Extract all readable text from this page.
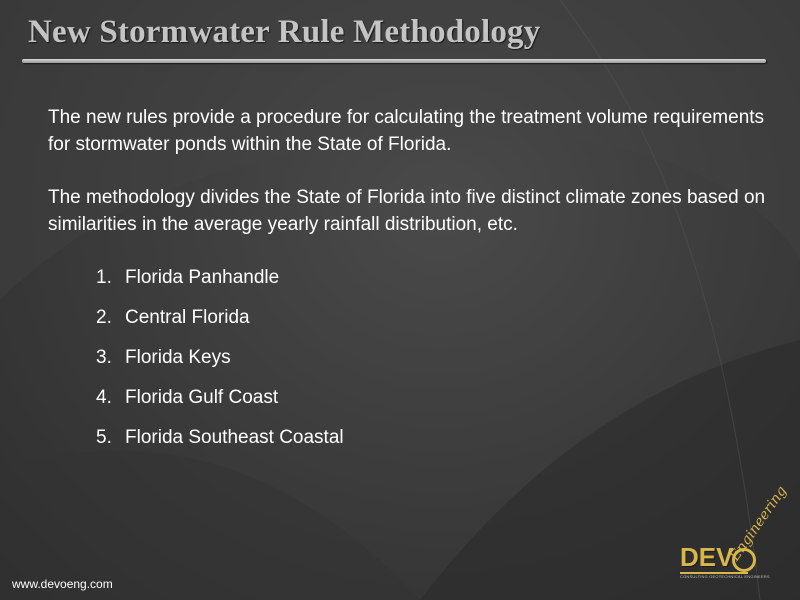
New Stormwater Rule Methodology

The new rules provide a procedure for calculating the treatment volume requirements for stormwater ponds within the State of Florida.

The methodology divides the State of Florida into five distinct climate zones based on similarities in the average yearly rainfall distribution, etc.

1. Florida Panhandle
2. Central Florida
3. Florida Keys
4. Florida Gulf Coast
5. Florida Southeast Coastal
www.devoeng.com
DEV
Engineering
CONSULTING GEOTECHNICAL ENGINEERS
